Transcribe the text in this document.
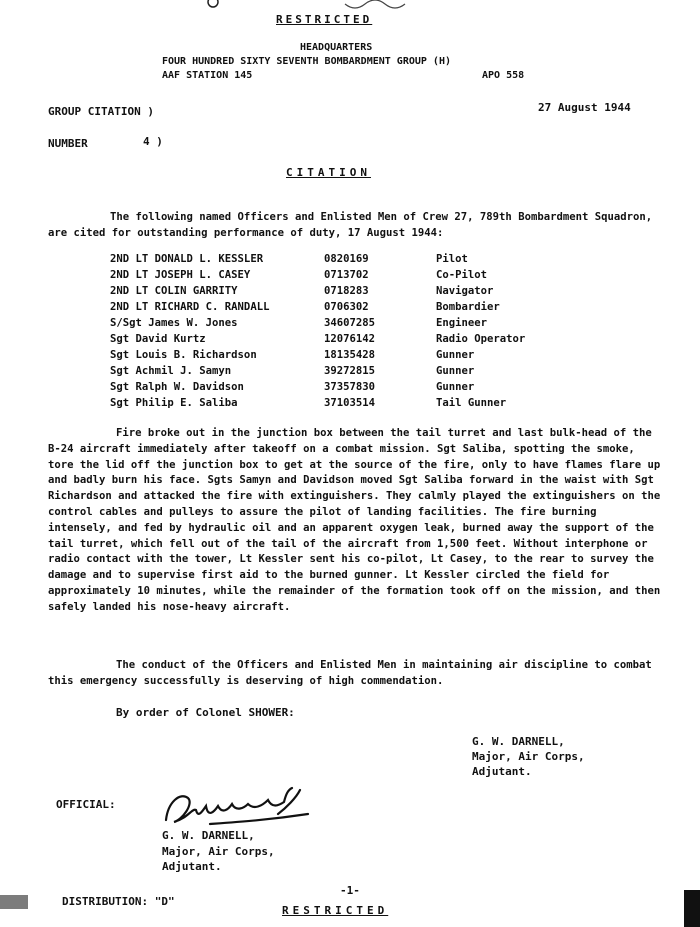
RESTRICTED
HEADQUARTERS
FOUR HUNDRED SIXTY SEVENTH BOMBARDMENT GROUP (H)
AAF STATION 145	APO 558
GROUP CITATION )	27 August 1944
NUMBER	4 )
CITATION
The following named Officers and Enlisted Men of Crew 27, 789th Bombardment Squadron, are cited for outstanding performance of duty, 17 August 1944:
2ND LT DONALD L. KESSLER	0820169	Pilot
2ND LT JOSEPH L. CASEY	0713702	Co-Pilot
2ND LT COLIN GARRITY	0718283	Navigator
2ND LT RICHARD C. RANDALL	0706302	Bombardier
S/Sgt James W. Jones	34607285	Engineer
Sgt David Kurtz	12076142	Radio Operator
Sgt Louis B. Richardson	18135428	Gunner
Sgt Achmil J. Samyn	39272815	Gunner
Sgt Ralph W. Davidson	37357830	Gunner
Sgt Philip E. Saliba	37103514	Tail Gunner
Fire broke out in the junction box between the tail turret and last bulk-head of the B-24 aircraft immediately after takeoff on a combat mission. Sgt Saliba, spotting the smoke, tore the lid off the junction box to get at the source of the fire, only to have flames flare up and badly burn his face. Sgts Samyn and Davidson moved Sgt Saliba forward in the waist with Sgt Richardson and attacked the fire with extinguishers. They calmly played the extinguishers on the control cables and pulleys to assure the pilot of landing facilities. The fire burning intensely, and fed by hydraulic oil and an apparent oxygen leak, burned away the support of the tail turret, which fell out of the tail of the aircraft from 1,500 feet. Without interphone or radio contact with the tower, Lt Kessler sent his co-pilot, Lt Casey, to the rear to survey the damage and to supervise first aid to the burned gunner. Lt Kessler circled the field for approximately 10 minutes, while the remainder of the formation took off on the mission, and then safely landed his nose-heavy aircraft.
The conduct of the Officers and Enlisted Men in maintaining air discipline to combat this emergency successfully is deserving of high commendation.
By order of Colonel SHOWER:
G. W. DARNELL,
Major, Air Corps,
Adjutant.
OFFICIAL:
G. W. DARNELL,
Major, Air Corps,
Adjutant.
-1-
DISTRIBUTION: "D"
RESTRICTED
